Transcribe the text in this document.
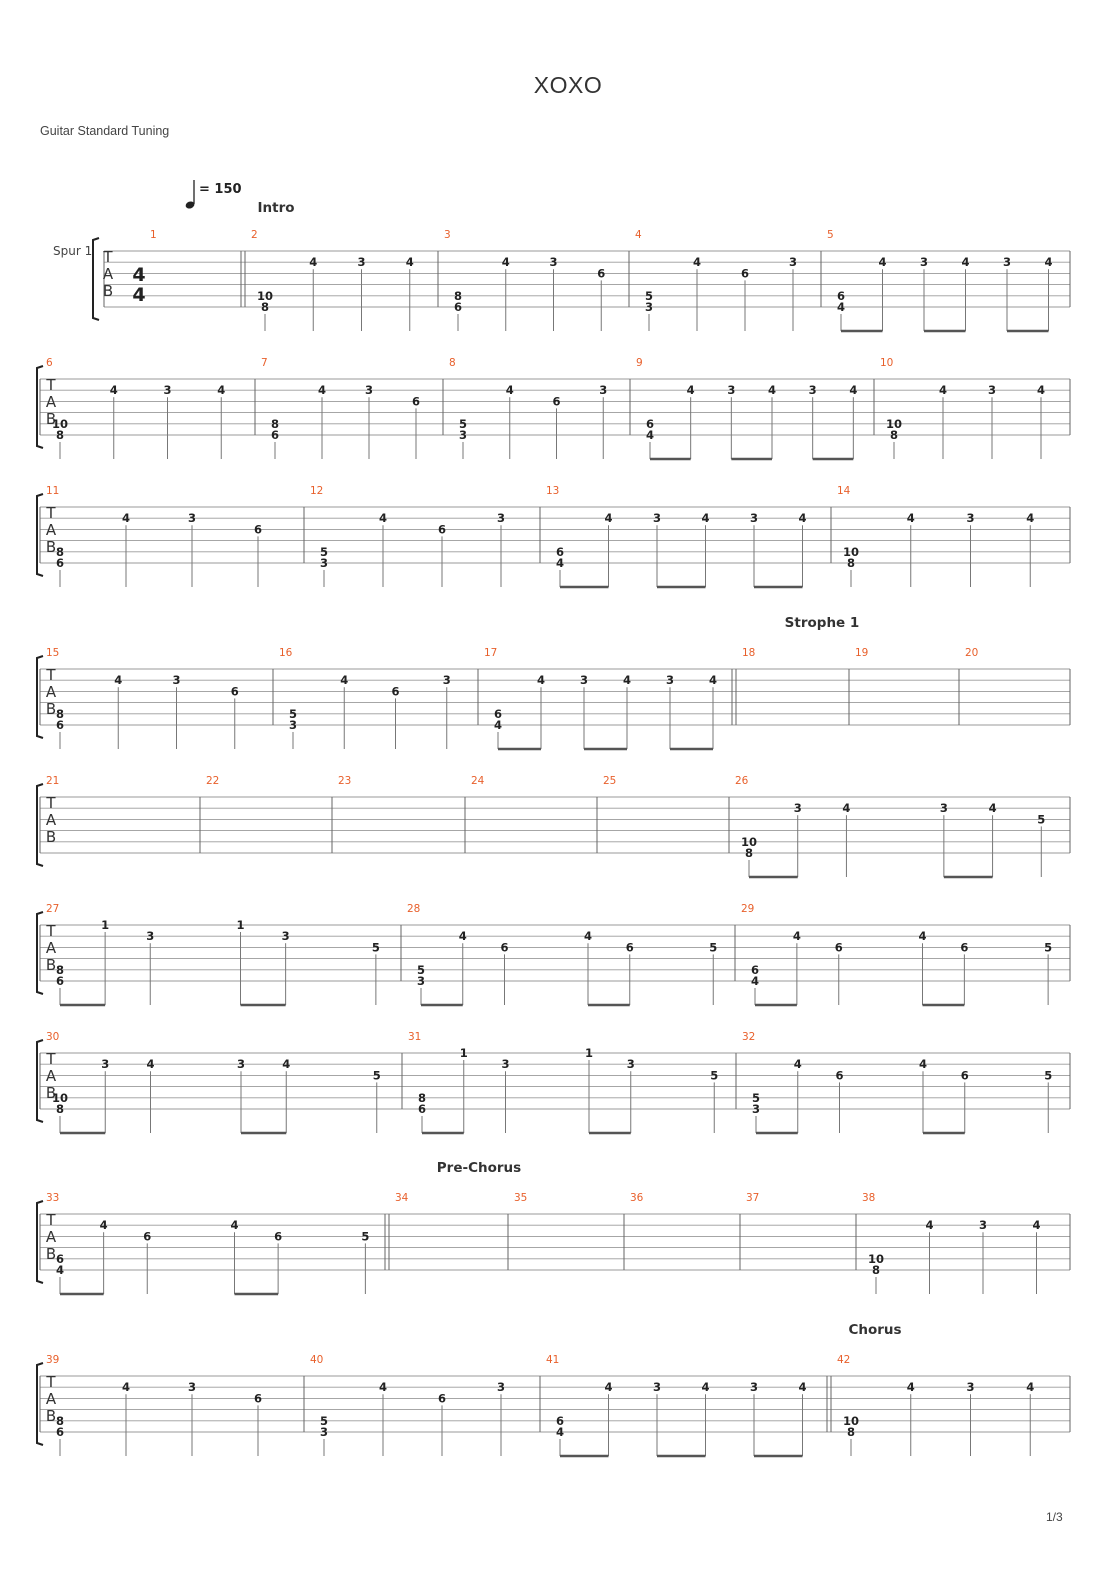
XOXO
Guitar Standard Tuning
T
A
B
Spur 1
4
4
= 150
Intro
1	2
10
8
4	3	4
3
8
6
4	3
6
4
5
3
4
6
3
5
6
4
4	3	4	3	4
T
A
B
6
10
8
4	3	4
7
8
6
4	3
6
8
5
3
4
6
3
9
6
4
4	3	4	3	4
10
10
8
4	3	4
T
A
B
11
8
6
4	3
6
12
5
3
4
6
3
13
6
4
4	3	4	3	4
14
10
8
4	3	4
T
A
B
Strophe 1
15
8
6
4	3
6
16
5
3
4
6
3
17
6
4
4	3	4	3	4
18	19	20
T
A
B
21	22	23	24	25	26
10
8
3	4	3	4
5
T
A
B
27
8
6
1
3
1
3
5
28
5
3
4
6
4
6	5
29
6
4
4
6
4
6	5
T
A
B
30
10
8
3	4	3	4
5
31
8
6
1
3
1
3
5
32
5
3
4
6
4
6	5
T
A
B
Pre-Chorus
33
6
4
4
6
4
6	5
34	35	36	37	38
10
8
4	3	4
T
A
B
Chorus
39
8
6
4	3
6
40
5
3
4
6
3
41
6
4
4	3	4	3	4
42
10
8
4	3	4
1/3
